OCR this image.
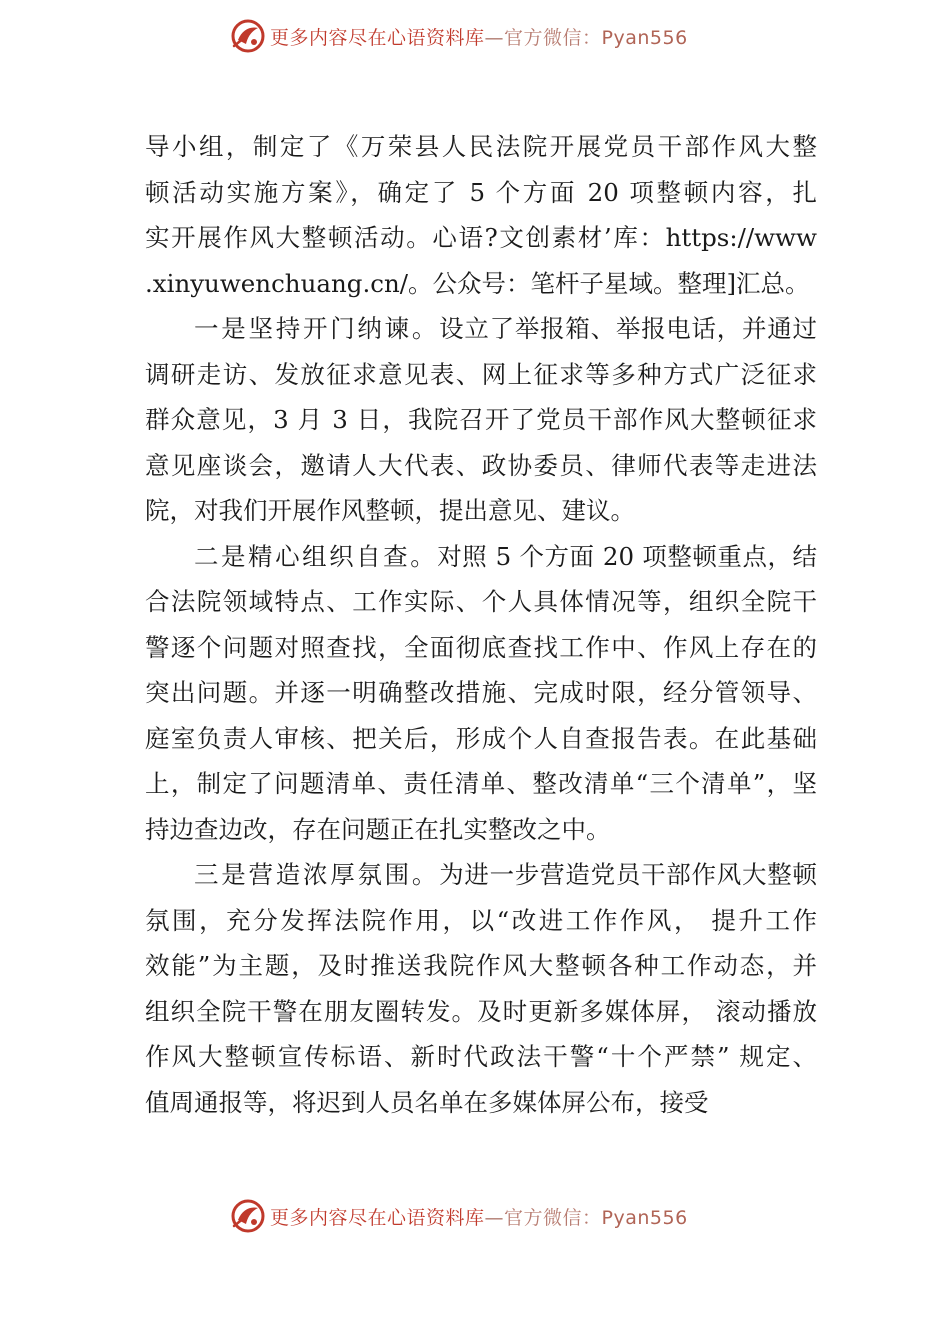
更多内容尽在心语资料库—官方微信：Pyan556
导小组，制定了《万荣县人民法院开展党员干部作风大整
顿活动实施方案》，确定了 5 个方面 20 项整顿内容，扎
实开展作风大整顿活动。心语?文创素材’库：https://www
.xinyuwenchuang.cn/。公众号：笔杆子星域。整理]汇总。
一是坚持开门纳谏。设立了举报箱、举报电话，并通过
调研走访、发放征求意见表、网上征求等多种方式广泛征求
群众意见，3 月 3 日，我院召开了党员干部作风大整顿征求
意见座谈会，邀请人大代表、政协委员、律师代表等走进法
院，对我们开展作风整顿，提出意见、建议。
二是精心组织自查。对照 5 个方面 20 项整顿重点，结
合法院领域特点、工作实际、个人具体情况等，组织全院干
警逐个问题对照查找，全面彻底查找工作中、作风上存在的
突出问题。并逐一明确整改措施、完成时限，经分管领导、
庭室负责人审核、把关后，形成个人自查报告表。在此基础
上，制定了问题清单、责任清单、整改清单“三个清单”，坚
持边查边改，存在问题正在扎实整改之中。
三是营造浓厚氛围。为进一步营造党员干部作风大整顿
氛围，充分发挥法院作用，以“改进工作作风， 提升工作
效能”为主题，及时推送我院作风大整顿各种工作动态，并
组织全院干警在朋友圈转发。及时更新多媒体屏， 滚动播放
作风大整顿宣传标语、新时代政法干警“十个严禁” 规定、
值周通报等，将迟到人员名单在多媒体屏公布，接受
更多内容尽在心语资料库—官方微信：Pyan556
